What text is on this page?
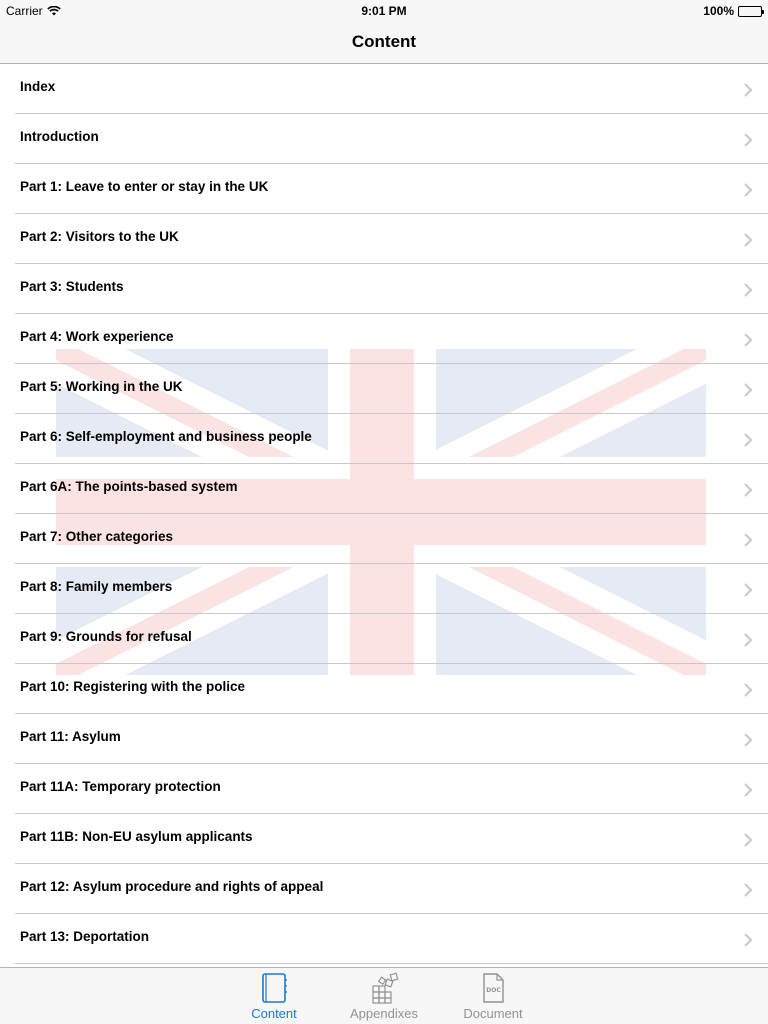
Carrier	9:01 PM	100%
Content
Index
Introduction
Part 1: Leave to enter or stay in the UK
Part 2: Visitors to the UK
Part 3: Students
Part 4: Work experience
Part 5: Working in the UK
Part 6: Self-employment and business people
Part 6A: The points-based system
Part 7: Other categories
Part 8: Family members
Part 9: Grounds for refusal
Part 10: Registering with the police
Part 11: Asylum
Part 11A: Temporary protection
Part 11B: Non-EU asylum applicants
Part 12: Asylum procedure and rights of appeal
Part 13: Deportation
Content	Appendixes
DOC
Document
